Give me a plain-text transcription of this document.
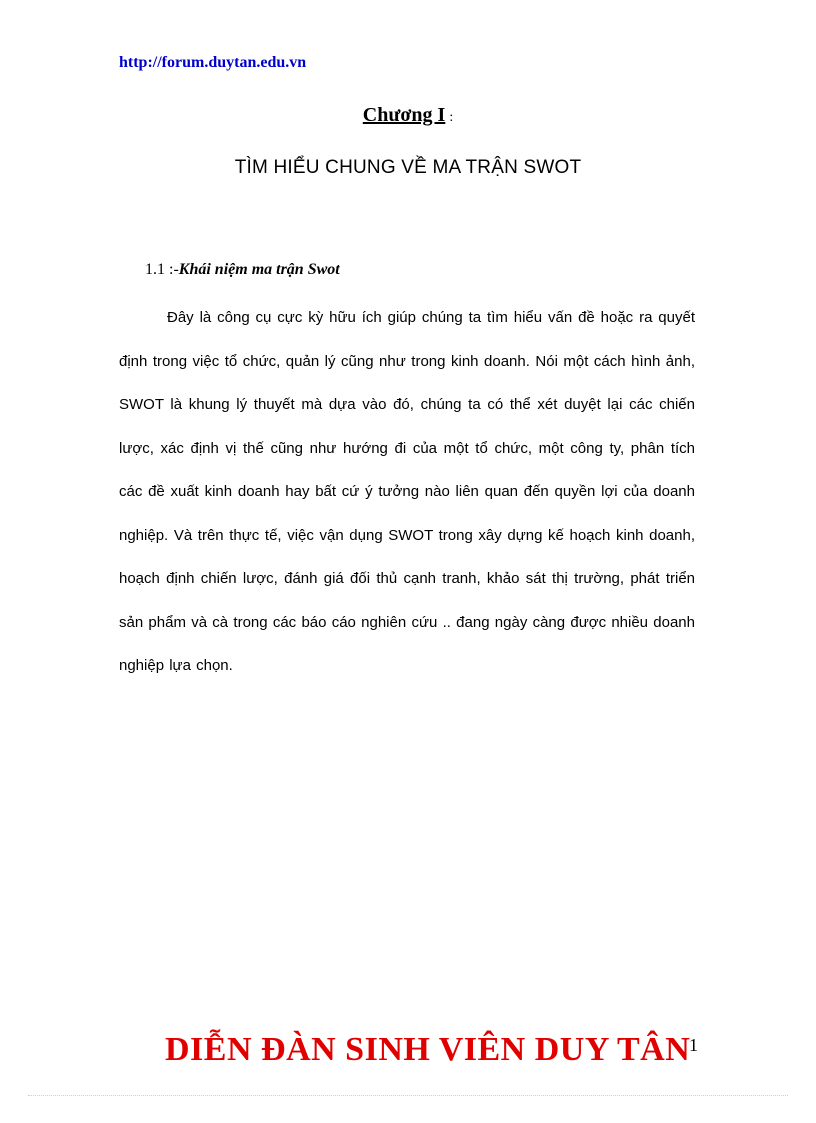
http://forum.duytan.edu.vn
Chương I :
TÌM HIỂU CHUNG VỀ MA TRẬN SWOT
1.1 :-Khái niệm ma trận Swot

Đây là công cụ cực kỳ hữu ích giúp chúng ta tìm hiểu vấn đề hoặc ra quyết định trong việc tổ chức, quản lý cũng như trong kinh doanh. Nói một cách hình ảnh, SWOT là khung lý thuyết mà dựa vào đó, chúng ta có thể xét duyệt lại các chiến lược, xác định vị thế cũng như hướng đi của một tổ chức, một công ty, phân tích các đề xuất kinh doanh hay bất cứ ý tưởng nào liên quan đến quyền lợi của doanh nghiệp. Và trên thực tế, việc vận dụng SWOT trong xây dựng kế hoạch kinh doanh, hoạch định chiến lược, đánh giá đối thủ cạnh tranh, khảo sát thị trường, phát triển sản phẩm và cà trong các báo cáo nghiên cứu .. đang ngày càng được nhiều doanh nghiệp lựa chọn.

DIỄN ĐÀN SINH VIÊN DUY TÂN
1
